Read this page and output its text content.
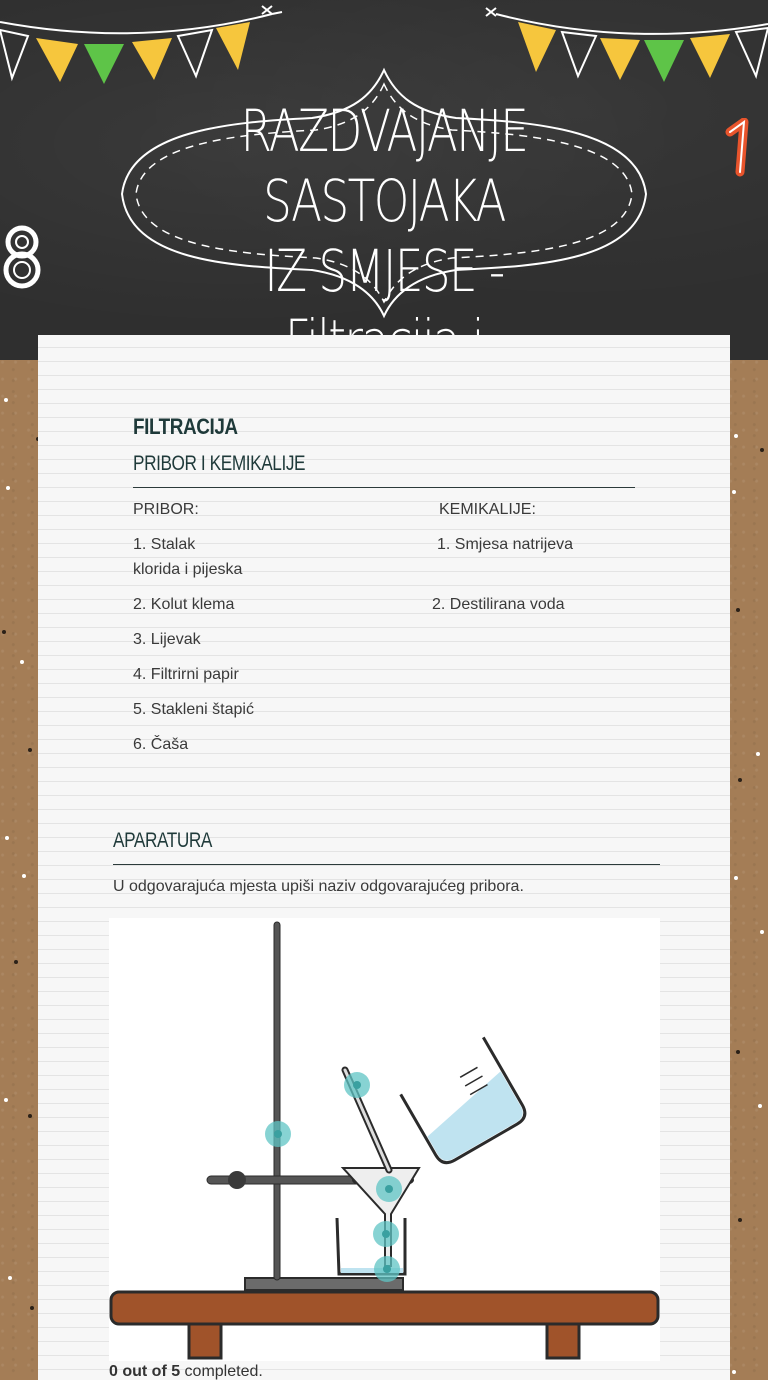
RAZDVAJANJE SASTOJAKA
IZ SMJESE -
FILTRACIJA
PRIBOR I KEMIKALIJE
PRIBOR:	KEMIKALIJE:
1. Stalak	1. Smjesa natrijeva
klorida i pijeska
2. Kolut klema	2. Destilirana voda
3. Lijevak
4. Filtrirni papir
5. Stakleni štapić
6. Čaša
APARATURA
U odgovarajuća mjesta upiši naziv odgovarajućeg pribora.
0 out of 5 completed.
